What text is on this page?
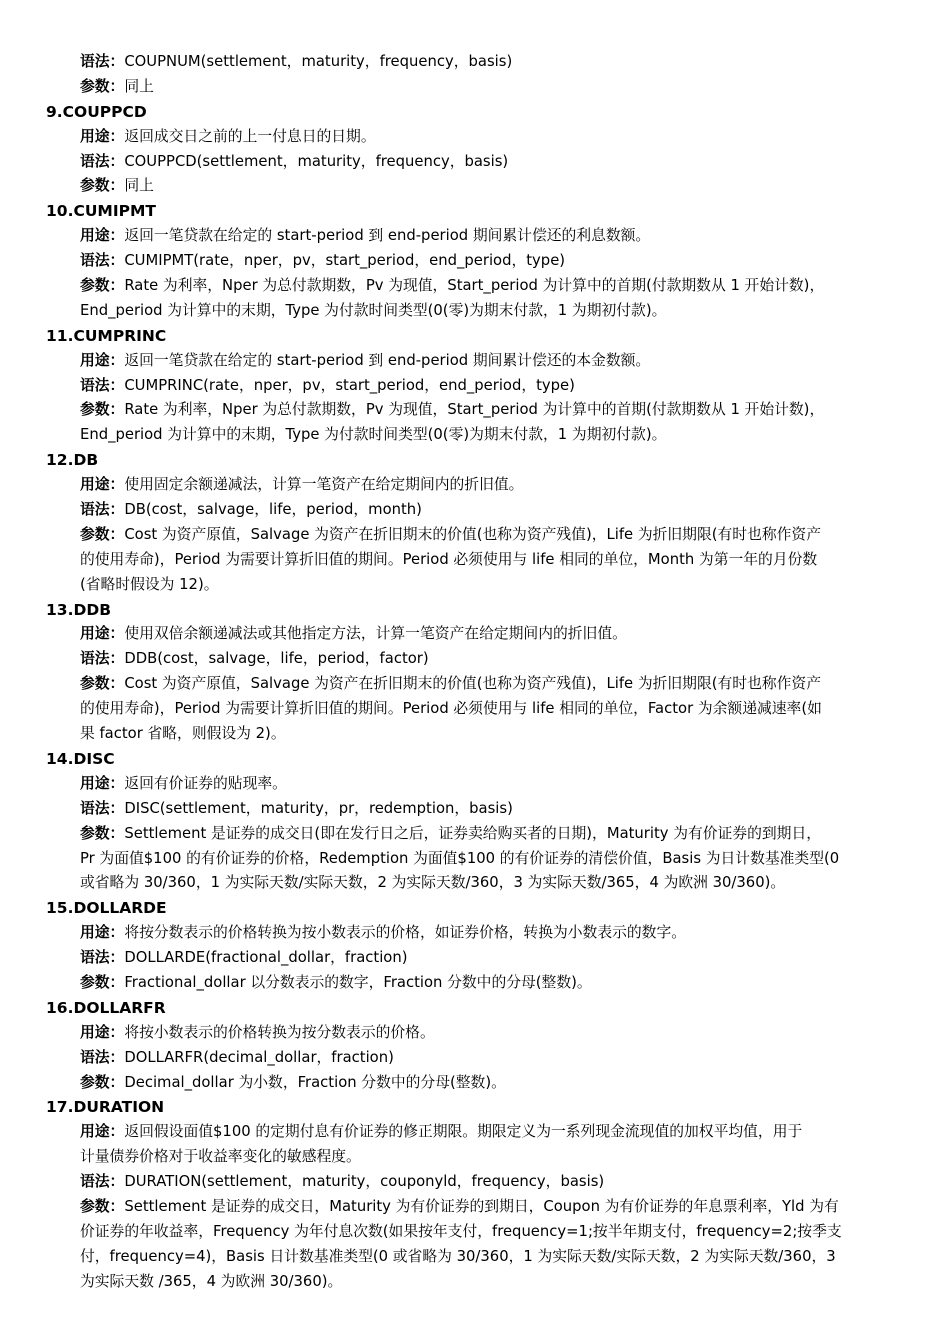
语法：COUPNUM(settlement，maturity，frequency，basis)
参数：同上
9.COUPPCD
用途：返回成交日之前的上一付息日的日期。
语法：COUPPCD(settlement，maturity，frequency，basis)
参数：同上
10.CUMIPMT
用途：返回一笔贷款在给定的 start-period 到 end-period 期间累计偿还的利息数额。
语法：CUMIPMT(rate，nper，pv，start_period，end_period，type)
参数：Rate 为利率，Nper 为总付款期数，Pv 为现值，Start_period 为计算中的首期(付款期数从 1 开始计数)，
End_period 为计算中的末期，Type 为付款时间类型(0(零)为期末付款，1 为期初付款)。
11.CUMPRINC
用途：返回一笔贷款在给定的 start-period 到 end-period 期间累计偿还的本金数额。
语法：CUMPRINC(rate，nper，pv，start_period，end_period，type)
参数：Rate 为利率，Nper 为总付款期数，Pv 为现值，Start_period 为计算中的首期(付款期数从 1 开始计数)，
End_period 为计算中的末期，Type 为付款时间类型(0(零)为期末付款，1 为期初付款)。
12.DB
用途：使用固定余额递减法，计算一笔资产在给定期间内的折旧值。
语法：DB(cost，salvage，life，period，month)
参数：Cost 为资产原值，Salvage 为资产在折旧期末的价值(也称为资产残值)，Life 为折旧期限(有时也称作资产
的使用寿命)，Period 为需要计算折旧值的期间。Period 必须使用与 life 相同的单位，Month 为第一年的月份数
(省略时假设为 12)。
13.DDB
用途：使用双倍余额递减法或其他指定方法，计算一笔资产在给定期间内的折旧值。
语法：DDB(cost，salvage，life，period，factor)
参数：Cost 为资产原值，Salvage 为资产在折旧期末的价值(也称为资产残值)，Life 为折旧期限(有时也称作资产
的使用寿命)，Period 为需要计算折旧值的期间。Period 必须使用与 life 相同的单位，Factor 为余额递减速率(如
果 factor 省略，则假设为 2)。
14.DISC
用途：返回有价证券的贴现率。
语法：DISC(settlement，maturity，pr，redemption，basis)
参数：Settlement 是证券的成交日(即在发行日之后，证券卖给购买者的日期)，Maturity 为有价证券的到期日，
Pr 为面值$100 的有价证券的价格，Redemption 为面值$100 的有价证券的清偿价值，Basis 为日计数基准类型(0
或省略为 30/360，1 为实际天数/实际天数，2 为实际天数/360，3 为实际天数/365，4 为欧洲 30/360)。
15.DOLLARDE
用途：将按分数表示的价格转换为按小数表示的价格，如证券价格，转换为小数表示的数字。
语法：DOLLARDE(fractional_dollar，fraction)
参数：Fractional_dollar 以分数表示的数字，Fraction 分数中的分母(整数)。
16.DOLLARFR
用途：将按小数表示的价格转换为按分数表示的价格。
语法：DOLLARFR(decimal_dollar，fraction)
参数：Decimal_dollar 为小数，Fraction 分数中的分母(整数)。
17.DURATION
用途：返回假设面值$100 的定期付息有价证券的修正期限。期限定义为一系列现金流现值的加权平均值，用于
计量债券价格对于收益率变化的敏感程度。
语法：DURATION(settlement，maturity，couponyld，frequency，basis)
参数：Settlement 是证券的成交日，Maturity 为有价证券的到期日，Coupon 为有价证券的年息票利率，Yld 为有
价证券的年收益率，Frequency 为年付息次数(如果按年支付，frequency=1;按半年期支付，frequency=2;按季支
付，frequency=4)，Basis 日计数基准类型(0 或省略为 30/360，1 为实际天数/实际天数，2 为实际天数/360，3
为实际天数 /365，4 为欧洲 30/360)。
